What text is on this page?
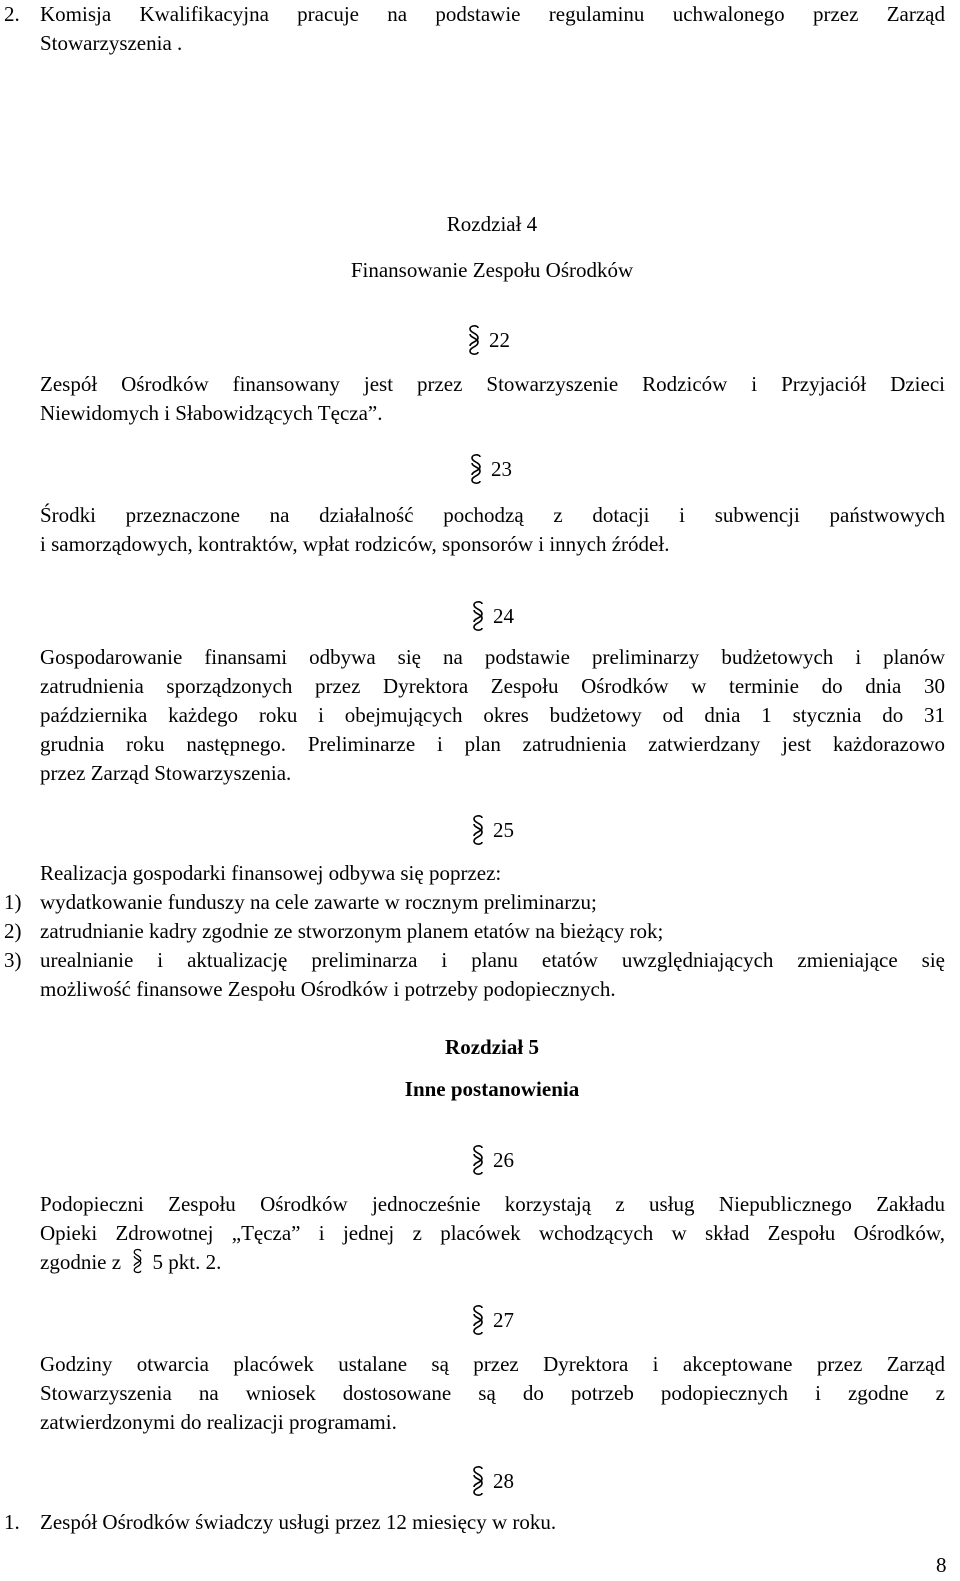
2. Komisja Kwalifikacyjna pracuje na podstawie regulaminu uchwalonego przez Zarząd
Stowarzyszenia .
Rozdział 4
Finansowanie Zespołu Ośrodków
22
Zespół Ośrodków finansowany jest przez Stowarzyszenie Rodziców i Przyjaciół Dzieci
Niewidomych i Słabowidzących Tęcza”.
23
Środki przeznaczone na działalność pochodzą z dotacji i subwencji państwowych
i samorządowych, kontraktów, wpłat rodziców, sponsorów i innych źródeł.
24
Gospodarowanie finansami odbywa się na podstawie preliminarzy budżetowych i planów
zatrudnienia sporządzonych przez Dyrektora Zespołu Ośrodków w terminie do dnia 30
października każdego roku i obejmujących okres budżetowy od dnia 1 stycznia do 31
grudnia roku następnego. Preliminarze i plan zatrudnienia zatwierdzany jest każdorazowo
przez Zarząd Stowarzyszenia.
25
Realizacja gospodarki finansowej odbywa się poprzez:
1) wydatkowanie funduszy na cele zawarte w rocznym preliminarzu;
2) zatrudnianie kadry zgodnie ze stworzonym planem etatów na bieżący rok;
3) urealnianie i aktualizację preliminarza i planu etatów uwzględniających zmieniające się
możliwość finansowe Zespołu Ośrodków i potrzeby podopiecznych.
Rozdział 5
Inne postanowienia
26
Podopieczni Zespołu Ośrodków jednocześnie korzystają z usług Niepublicznego Zakładu
Opieki Zdrowotnej „Tęcza” i jednej z placówek wchodzących w skład Zespołu Ośrodków,
zgodnie z 5 pkt. 2.
27
Godziny otwarcia placówek ustalane są przez Dyrektora i akceptowane przez Zarząd
Stowarzyszenia na wniosek dostosowane są do potrzeb podopiecznych i zgodne z
zatwierdzonymi do realizacji programami.
28
1. Zespół Ośrodków świadczy usługi przez 12 miesięcy w roku.
8
